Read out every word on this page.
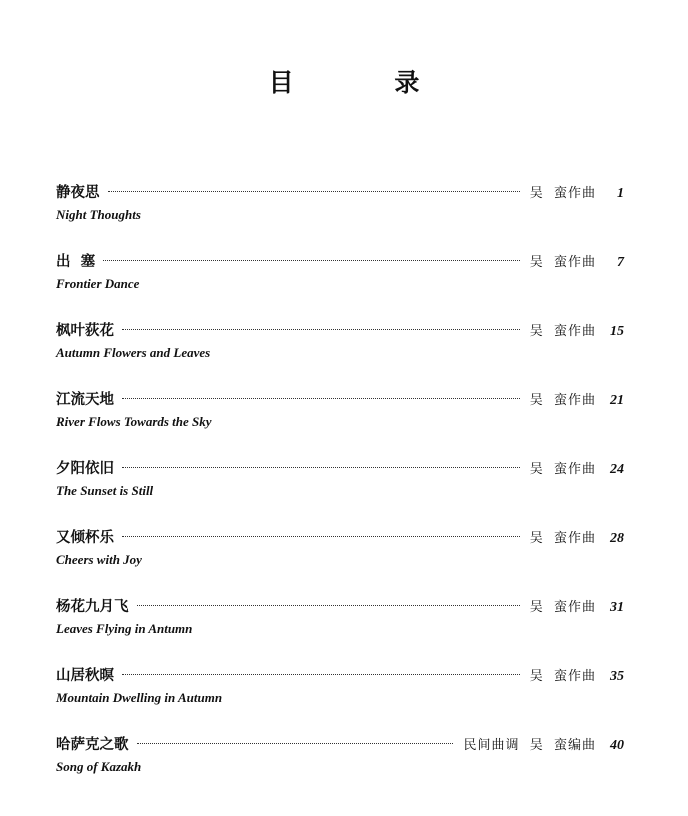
目 录
静夜思	吴  蛮作曲	1
Night Thoughts
出  塞	吴  蛮作曲	7
Frontier Dance
枫叶荻花	吴  蛮作曲	15
Autumn Flowers and Leaves
江流天地	吴  蛮作曲	21
River Flows Towards the Sky
夕阳依旧	吴  蛮作曲	24
The Sunset is Still
又倾杯乐	吴  蛮作曲	28
Cheers with Joy
杨花九月飞	吴  蛮作曲	31
Leaves Flying in Antumn
山居秋暝	吴  蛮作曲	35
Mountain Dwelling in Autumn
哈萨克之歌	民间曲调  吴  蛮编曲	40
Song of Kazakh
